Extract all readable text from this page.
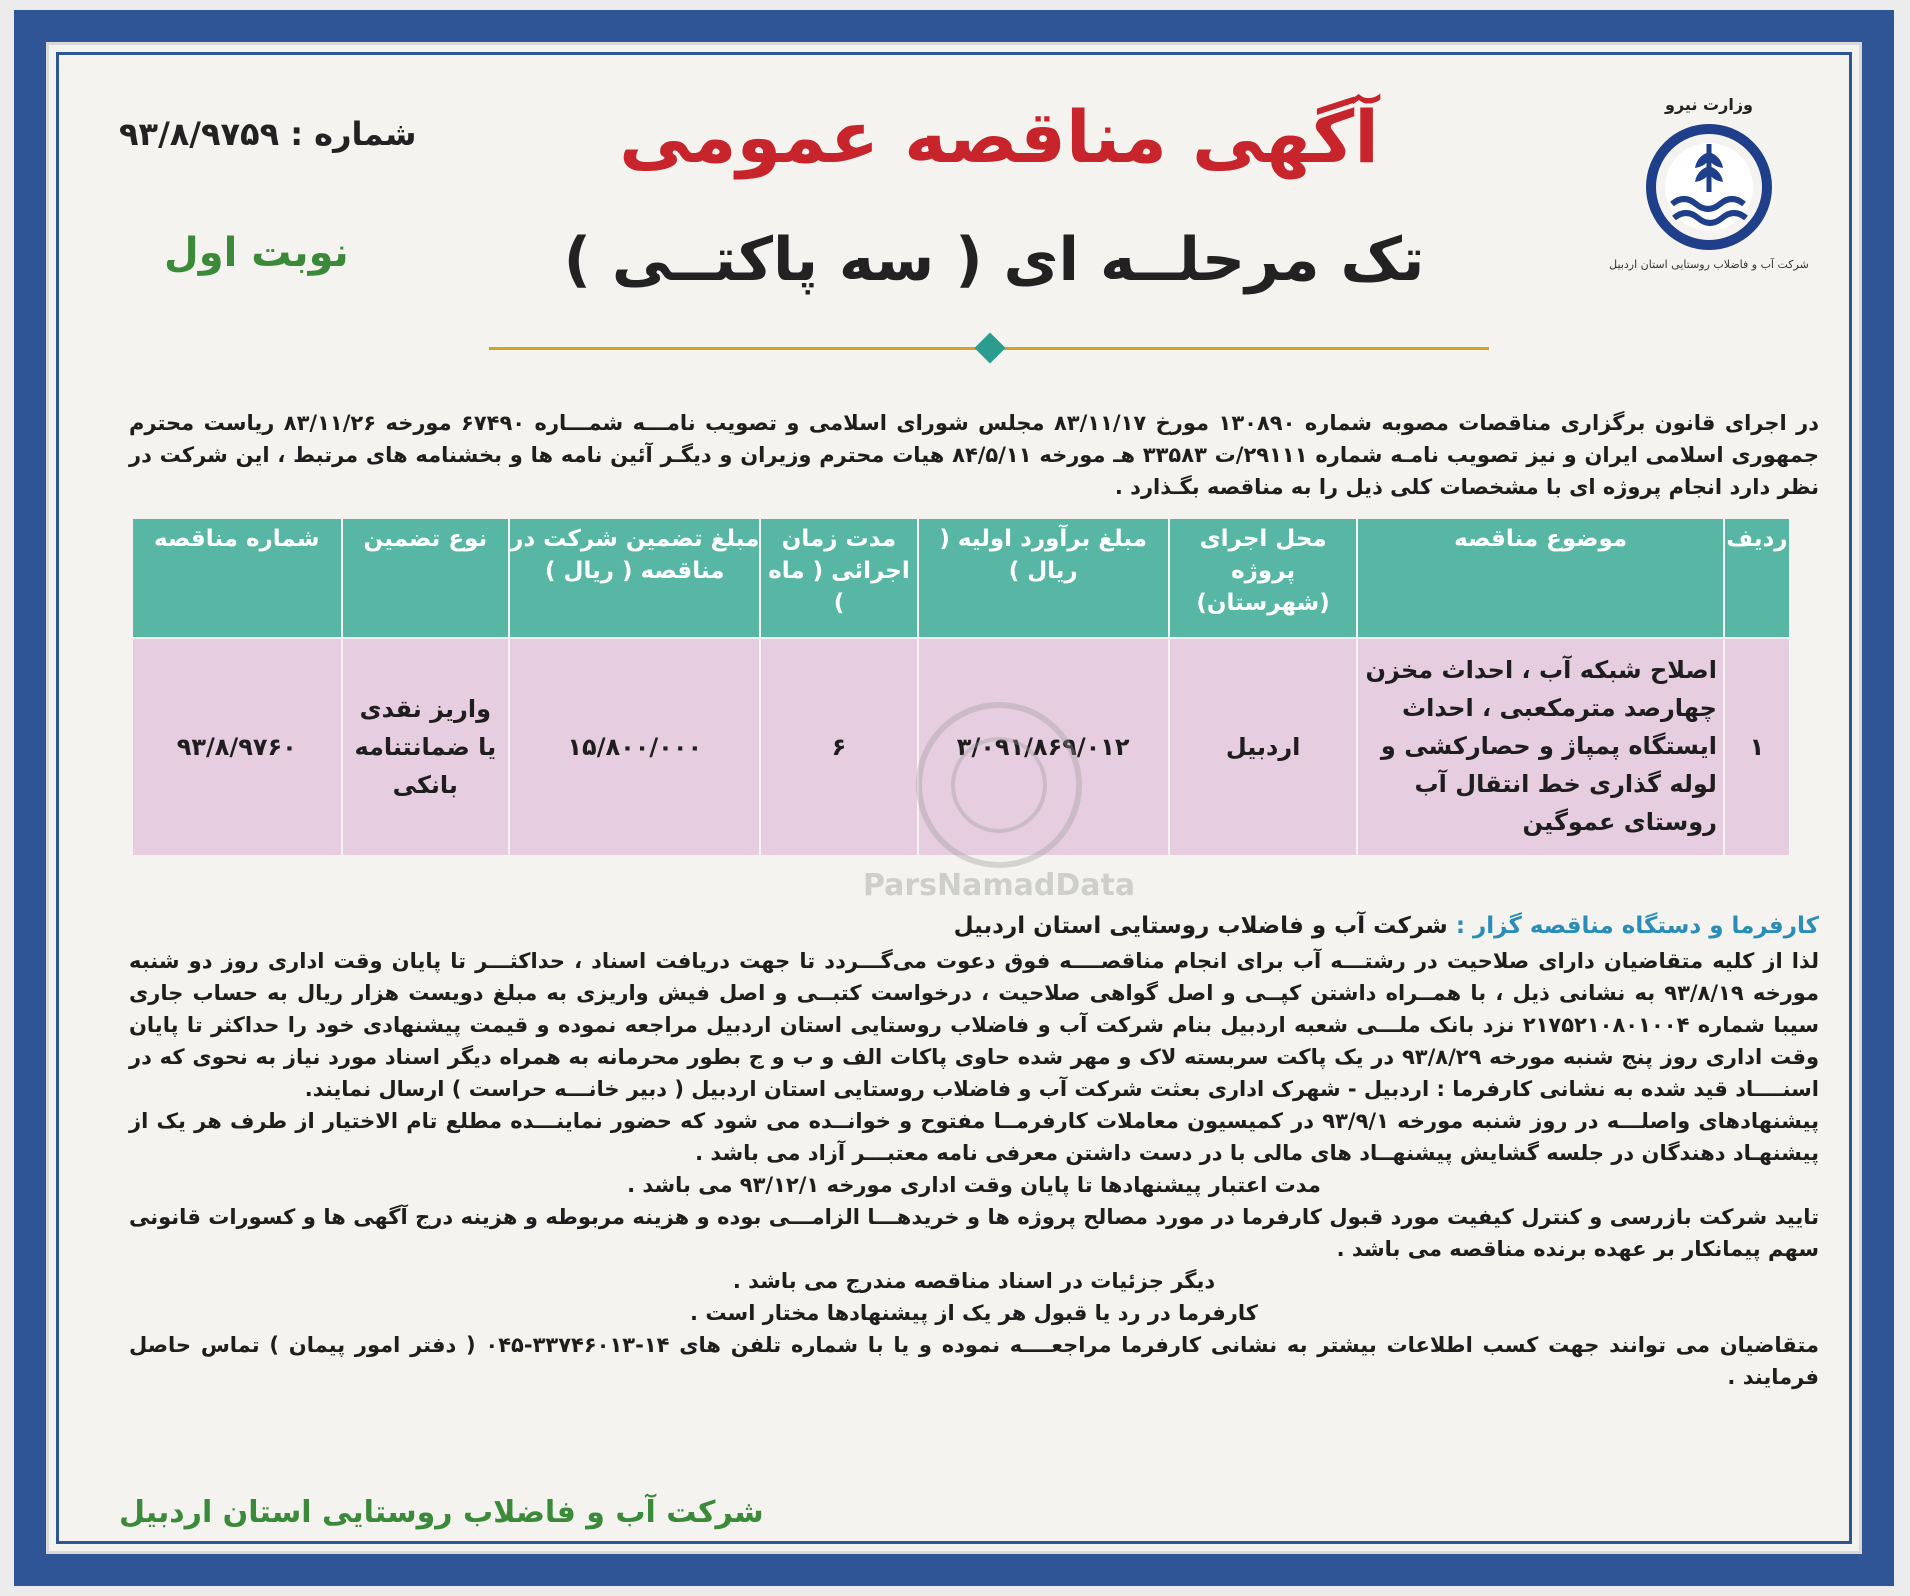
شماره : ۹۳/۸/۹۷۵۹
نوبت اول
آگهی مناقصه عمومی
تک مرحلــه ای ( سه پاکتــی )
وزارت نیرو
شرکت آب و فاضلاب روستایی استان اردبیل
در اجرای قانون برگزاری مناقصات مصوبه شماره ۱۳۰۸۹۰ مورخ ۸۳/۱۱/۱۷ مجلس شورای اسلامی و تصویب نامـــه شمـــاره ۶۷۴۹۰ مورخه ۸۳/۱۱/۲۶ ریاست محترم جمهوری اسلامی ایران و نیز تصویب نامـه شماره ۲۹۱۱۱/ت ۳۳۵۸۳ هـ مورخه ۸۴/۵/۱۱ هیات محترم وزیران و دیگـر آئین نامه ها و بخشنامه های مرتبط ، این شرکت در نظر دارد انجام پروژه ای با مشخصات کلی ذیل را به مناقصه بگـذارد .
ردیف	موضوع مناقصه	محل اجرای پروژه (شهرستان)	مبلغ برآورد اولیه ( ریال )	مدت زمان اجرائی ( ماه )	مبلغ تضمین شرکت در مناقصه ( ریال )	نوع تضمین	شماره مناقصه
۱	اصلاح شبکه آب ، احداث مخزن چهارصد مترمکعبی ، احداث ایستگاه پمپاژ و حصارکشی و لوله گذاری خط انتقال آب روستای عموگین	اردبیل	۳/۰۹۱/۸۶۹/۰۱۲	۶	۱۵/۸۰۰/۰۰۰	واریز نقدی یا ضمانتنامه بانکی	۹۳/۸/۹۷۶۰
ParsNamadData
کارفرما و دستگاه مناقصه گزار : شرکت آب و فاضلاب روستایی استان اردبیل

لذا از کلیه متقاضیان دارای صلاحیت در رشتـــه آب برای انجام مناقصــــه فوق دعوت می‌گـــردد تا جهت دریافت اسناد ، حداکثـــر تا پایان وقت اداری روز دو شنبه مورخه ۹۳/۸/۱۹ به نشانی ذیل ، با همــراه داشتن کپــی و اصل گواهی صلاحیت ، درخواست کتبــی و اصل فیش واریزی به مبلغ دویست هزار ریال به حساب جاری سیبا شماره ۲۱۷۵۲۱۰۸۰۱۰۰۴ نزد بانک ملـــی شعبه اردبیل بنام شرکت آب و فاضلاب روستایی استان اردبیل مراجعه نموده و قیمت پیشنهادی خود را حداکثر تا پایان وقت اداری روز پنج شنبه مورخه ۹۳/۸/۲۹ در یک پاکت سربسته لاک و مهر شده حاوی پاکات الف و ب و ج بطور محرمانه به همراه دیگر اسناد مورد نیاز به نحوی که در اسنــــاد قید شده به نشانی کارفرما : اردبیل - شهرک اداری بعثت شرکت آب و فاضلاب روستایی استان اردبیل ( دبیر خانـــه حراست ) ارسال نمایند.

پیشنهادهای واصلـــه در روز شنبه مورخه ۹۳/۹/۱ در کمیسیون معاملات کارفرمــا مفتوح و خوانــده می شود که حضور نماینـــده مطلع تام الاختیار از طرف هر یک از پیشنهـاد دهندگان در جلسه گشایش پیشنهــاد های مالی با در دست داشتن معرفی نامه معتبـــر آزاد می باشد .

مدت اعتبار پیشنهادها تا پایان وقت اداری مورخه ۹۳/۱۲/۱ می باشد .

تایید شرکت بازرسی و کنترل کیفیت مورد قبول کارفرما در مورد مصالح پروژه ها و خریدهـــا الزامـــی بوده و هزینه مربوطه و هزینه درج آگهی ها و کسورات قانونی سهم پیمانکار بر عهده برنده مناقصه می باشد .

دیگر جزئیات در اسناد مناقصه مندرج می باشد .

کارفرما در رد یا قبول هر یک از پیشنهادها مختار است .

متقاضیان می توانند جهت کسب اطلاعات بیشتر به نشانی کارفرما مراجعــــه نموده و یا با شماره تلفن های ۱۴-۳۳۷۴۶۰۱۳-۰۴۵ ( دفتر امور پیمان ) تماس حاصل فرمایند .

شرکت آب و فاضلاب روستایی استان اردبیل
